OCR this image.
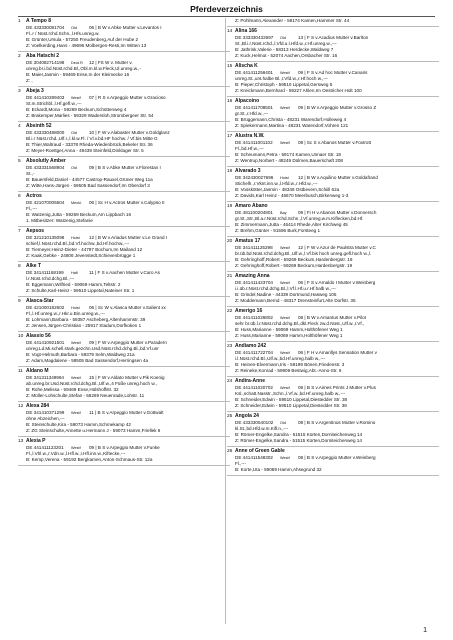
Pferdeverzeichnis
1	A Tempo 8
DE 433330081704 Old	06 | B W v.Abke Mutter v.Levantos I
Fl..r / Nüst.rchd.Schn.,l.Hfs.unreg.w.
B: Grünter,Ursula - 57250 Freudenberg,Auf der Hube 2
Z: Voelkerding,Hans - 49696 Molbergen-Resti,Im Witten 13
2	Aba Hatschi 2
DE 304082714198 Deut.R 12 | FS W v. Mutter v.
unreg.br.i.bd.Nüst.rchd.Bl.,Obl.m.kl.w.Fleck,Ul.unreg.w.,-
B: Maier,Jasmin - 59469 Ense,In der Kleimecke 16
Z: ,
3	Abeja 3
DE 441410289403 Westf 07 | R S v.Arpeggio Mutter v.Gracioso
St.m.Strichbl.,l.Hf.gefl.w.,---
B: Eckardt,Mona - 59269 Beckum,Schüttenweg 4
Z: Brakemper,Marlies - 59329 Wadersloh,Strombergeer Str. 54
4	Absinth 52
DE 433330488000 Old	10 | F W v.Alabaster Mutter v.Goldglanz
Bl.i.r Nüst.rchd.,Ulf.r.,l.kl.w.Fl. / Vl.v.bd.HF hochw. / Vf.bis Mitte G
B: Thier,Waltraud - 33378 Rheda-Wiedenbrück,Bekeler Str. 36
Z: Meyer-Roettger,Anna - 49439 Steinfeld,Dinklager Str. 5
5	Absolutly Amber
DE 433331568904 Old	09 | B S v.Abke Mutter v.Florestan I
St.,-
B: Bauersfeld,Daniel - 44577 Castrop-Rauxel,Grüner Weg 11a
Z: Witte,Hans-Jürgen - 59505 Bad Sassendorf,Im Oberdorf 3
6	Actros
DE 421070005604 Meckl. 06 | Sc H v.Actros Mutter v.Calypso II
Fl.,---
B: Watzenig,Jutta - 59269 Beckum,Am Lippbach 16
1. Mitbesitzer: Watzenig,Stefanie
7	Aepsos
DE 321210135098 Holst 12 | B W v.Ariadus Mutter v.Le Grand I
schief,l.Nüst.rchd.Bl.,bd.Vf.hochw.,bd.Hf.hochw.,---
B: Tiemeyer,Heinz-Dieter - 44797 Bochum,Im Mailand 12
Z: Kaak,Gebke - 24806 Jevenstedt,Schievenbrügge 1
8	Alke T
DE 341411168199 Hafl 11 | F S v.Aachen Mutter v.Caro As
l.r.Nüst.rchd.dchg.Bl.,---
B: Eggemann,Wilfried - 59069 Hamm,Teltstr. 2
Z: Schulte,Karl-Heinz - 59510 Lippetal,Nateiner Str. 1
9	Alasca-Star
DE 421000182602 Holst 06 | Sc W v.Alasca Mutter v.Salient xx
Fl.,l.Hf.unreg.w.,r.Hkr.u.Bin.unreg.w.,---
B: Lohmann,Barbara - 59387 Ascheberg,Altenhammstr. 39
Z: Jensen,Jürgen-Christian - 25917 Stadum,Dorfkoken 1
10 Alassio 56
DE 441410921501 Westf 09 | F W v.Arpeggio Mutter v.Paradern
unreg.Ld.Mi.schell.stark.gezchn.Usd.Nüst.rchd.dchg.Bl.,bd.Vf.unr
B: Vogt-Helmuth,Barbara - 59379 Selm,Waldweg 21a
Z: Adam,Magdalene - 59505 Bad Sassendorf,Herringsen 4a
11 Aldano M
DE 341311349994 Westf 15 | F W v.Aldato Mutter v.Pik Koenig
ab.unreg.br.Usd.Nüst.rchd.dchg.Bl.,Ulf.w.,4 Füße unreg.hoch w.,
B: Rohe,Melissa - 59469 Ense,Hülshoffstr. 32
Z: Müller-Lohschulte,Stefan - 56269 Neuenrade,Lohstr. 11
12 Alexa 284
DE 341410371299 Westf 11 | B S v.Arpeggio Mutter v.Gottwalt
ohne Abzeichen,---
B: Steinschulte,Kira - 59073 Hamm,Schmekamp 42
Z: ZG Steinschulte,Annette u.Hermann J - 59073 Hamm,Friellek 6
13 Alexia P
DE 441411123201 Westf 09 | B S v.Arpeggio Mutter v.Funke
Fl.,l.Vhl.w.,r.Vdn.w.,l.Hfl.w.,r.Hfl.inn.w.,Kiftecke,---
B: Kemp,Verena - 59192 Bergkamen,Anton-Schmaus-Str. 12a
Z: Pohlmann,Alexander - 59174 Kamen,Hammer Str. 44
14 Alina 166
DE 333330432697 Old	13 | F S v.Acadius Mutter v.Barlton
St.,Bl.i.r.Nüst.rchd.,l.Vfd.u.l.Hfd.w.,r.Hf.unreg.w.,---
B: Jathrisk,Valerie - 58313 Herdecke,Waldweg 7
Z: Kuck,Helmut - 52074 Aachen,Orsbacher Str. 16
15 Alischa K
DE 441411256401 Westf 09 | F S v.Ad hoc Mutter v.Canaris
unreg.St.,unt.halbe Bl.,r.Vfd.w.,r.Hf.hoch w.,---
B: Pieper,Christoph - 59510 Lippetal,Gersweg 5
Z: Kreickmann,Bernhard - 59227 Ahlen,Im Oestricher Holt 100
16 Alpacoino
DE 441411708501 Westf 09 | B W v.Arpeggio Mutter v.Grosso Z
gr.St.,r.Hfd.w.,---
B: Brüggemann,Christa - 48231 Warendorf,Holleweg 4
Z: Spiekermann,Martina - 48231 Warendorf,Vohren 121
17 Alustra N.W.
DE 441411001102 Westf 08 | Sc S v.Abanos Mutter v.Foxtrott
Fl.,bd.Hf.w.,---
B: Scheumann,Petra - 59174 Kamen,Unnaer Str. 18
Z: Wentrup,Norbert - 48249 Dülmen,Bauerschaft 208
18 Alvarado 3
DE 342430027696 Holst 12 | B W v.Aquilino Mutter v.Goldafrand
Stichelh.,r.Vknt.inn.w.,l.Hfd.w.,r.Hfd.w.,---
B: Vosskötter,Jasmin - 48346 Ostbevern,Schiill 62a
Z: Davids,Karl Heinz - 46670 Meerbusch,Birkenweg 1-3
19 Amaro Abano
DE 481100204801 Bay 09 | Fi H v.Abanos Mutter v.Donnersch
gr.St.,Str.,Bl.a.r.Nüst.rchd.Schn.,l.Vf.unreg.w.m.Kiflecken,bd.Hf.
B: Zimmermann,Jutta - 46414 Rhede,Alter Kirchweg 45
Z: Brehm,Günter - 91596 Burk,Forsteeg 1
20 Amatus 17
DE 341411125298 Westf 12 | F W v.Azur de Paulstra Mutter v.C
br.üb.bd.Nüst.rchd.dchg.Bl.,Ulf.w.,l.Vf.bis hoch unreg.gefl.hoch w.,l.
B: Gehringhoff,Robert - 59269 Beckum,Hardenbergstr. 19
Z: Gehringhoff,Robert - 59269 Beckum,Hardenbergstr. 19
21 Amazing Anna
DE 441411423704 Westf 06 | F S v.Arnaldo I Mutter v.Weinberg
i.i.üb.r.Nüst.rchd.dchg.Bl.,l.Vf.l.Hf.u.r.Hf.halb w.,---
B: Grindel,Nadine - 44339 Dortmund,Hasweg 105
Z: Moddemann,Bernd - 48317 Drensteinfurt,Alte Dorfstr. 35
22 Amerigo 16
DE 441411026802 Westf 08 | B W v.Amantus Mutter v.Pilot
sehr br.üb.l.r.Nüst.rchd.dchg.Bl.,dkl.Fleck zw.d.Nüst.,Ulf.w.,r.Vf.,
B: Huss,Marianne - 59069 Hamm,Holthöfener Weg 1
Z: Huss,Marianne - 59069 Hamm,Holthöfener Weg 1
23 Andiamo 242
DE 441411722704 Westf 06 | F H v.Amarillys Sensation Mutter v
i.l.Nüst.rchd.Bl.,Ulf.w.,bd.Hf.unreg.halb w.,---
B: Heinen-Elvermann,Iris - 59199 Bönen,Friedenstr. 3
Z: Reineke,Konrad - 59909 Bestwig,Abt.-Anno-Str. 6
24 Andira-Anne
DE 441411020702 Westf 08 | B S v.Aimes Prints J Mutter v.Plus
Ksl.,schatt.Nasstr.,Schn.,l.Vf.w.,bd.Hf.unreg.halb w.,---
B: Schneider,Edwin - 59510 Lippetal,Diestedder Str. 38
Z: Schneider,Edwin - 59510 Lippetal,Diestedder Str. 38
25 Angola 24
DE 433330540102 Old	08 | B S v.Argentinus Mutter v.Romino
kl.St.,bd.Hfd.w.m.Kifl.n.,---
B: Römer-Engelke,Sandra - 51515 Kürten,Dorniteichenweg 14
Z: Römer-Engelke,Sandra - 51515 Kürten,Dorniteichenweg 14
26 Anne of Green Gable
DE 441411548302 Westf 08 | B S v.Arpeggio Mutter v.Weinberg
Fl.,---
B: Korte,Uta - 59069 Hamm,Ahsegrund 32
1
